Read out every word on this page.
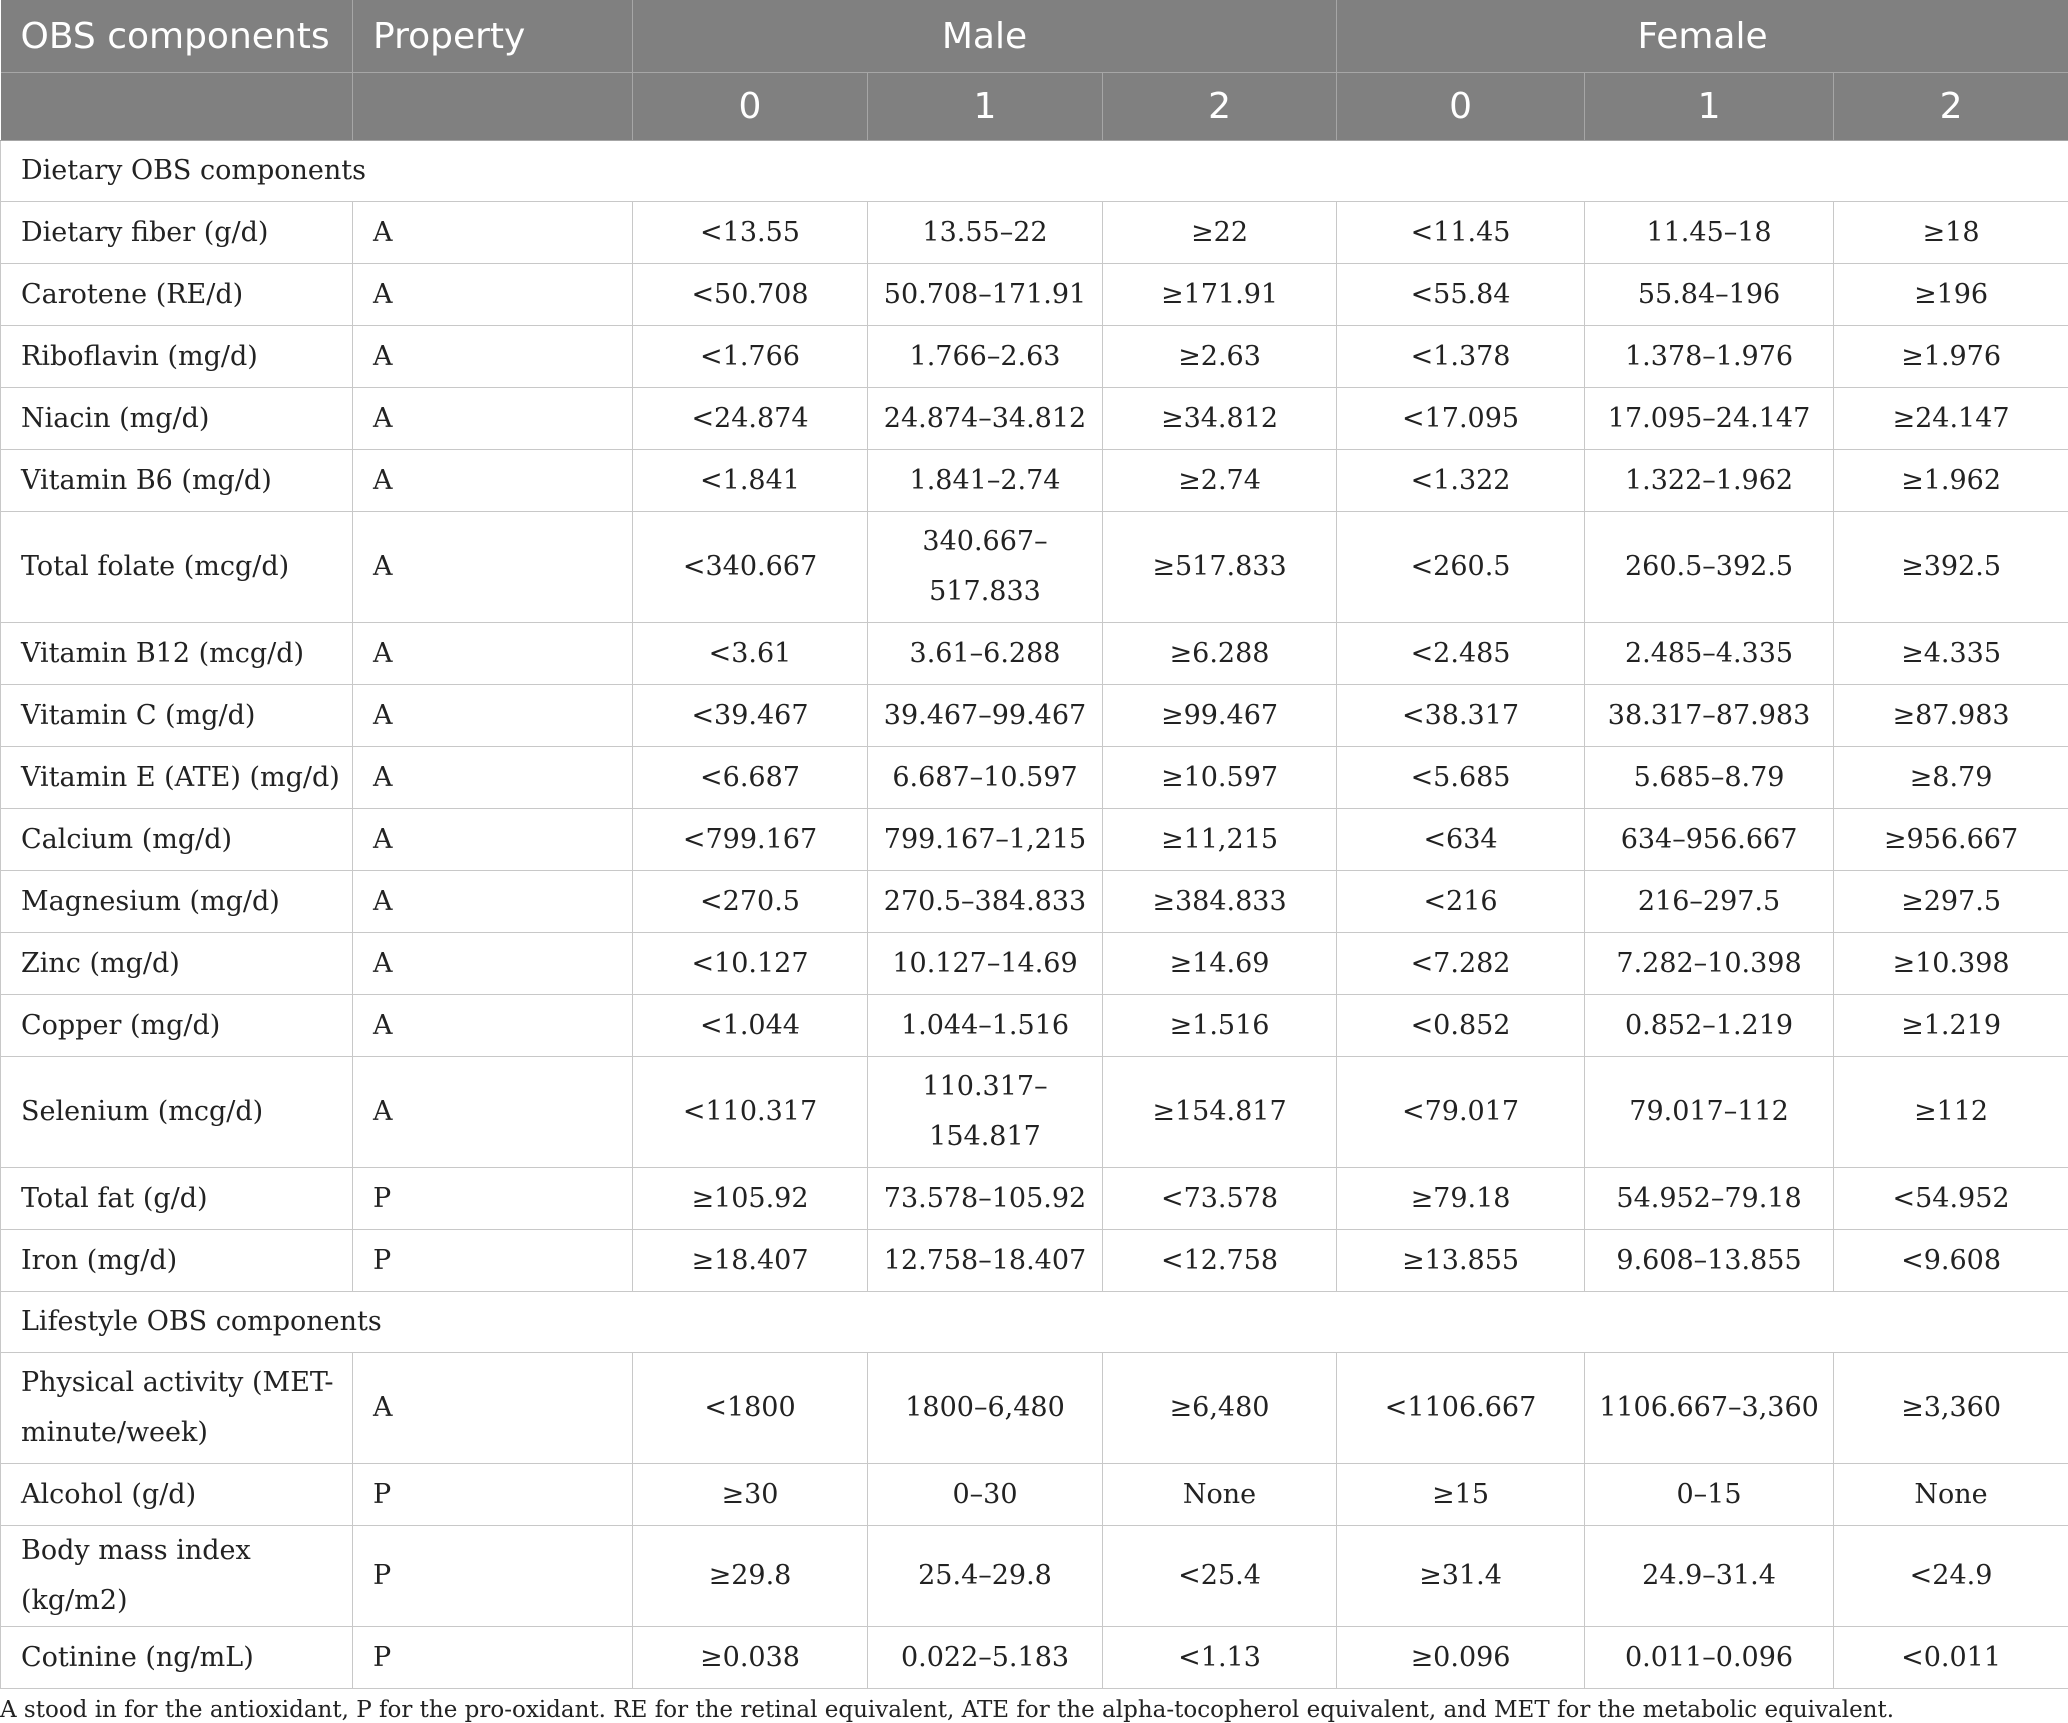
OBS components	Property	Male			Female		
		0	1	2	0	1	2
Dietary OBS components							
Dietary fiber (g/d)	A	<13.55	13.55–22	≥22	<11.45	11.45–18	≥18
Carotene (RE/d)	A	<50.708	50.708–171.91	≥171.91	<55.84	55.84–196	≥196
Riboflavin (mg/d)	A	<1.766	1.766–2.63	≥2.63	<1.378	1.378–1.976	≥1.976
Niacin (mg/d)	A	<24.874	24.874–34.812	≥34.812	<17.095	17.095–24.147	≥24.147
Vitamin B6 (mg/d)	A	<1.841	1.841–2.74	≥2.74	<1.322	1.322–1.962	≥1.962
Total folate (mcg/d)	A	<340.667	340.667–517.833	≥517.833	<260.5	260.5–392.5	≥392.5
Vitamin B12 (mcg/d)	A	<3.61	3.61–6.288	≥6.288	<2.485	2.485–4.335	≥4.335
Vitamin C (mg/d)	A	<39.467	39.467–99.467	≥99.467	<38.317	38.317–87.983	≥87.983
Vitamin E (ATE) (mg/d)	A	<6.687	6.687–10.597	≥10.597	<5.685	5.685–8.79	≥8.79
Calcium (mg/d)	A	<799.167	799.167–1,215	≥11,215	<634	634–956.667	≥956.667
Magnesium (mg/d)	A	<270.5	270.5–384.833	≥384.833	<216	216–297.5	≥297.5
Zinc (mg/d)	A	<10.127	10.127–14.69	≥14.69	<7.282	7.282–10.398	≥10.398
Copper (mg/d)	A	<1.044	1.044–1.516	≥1.516	<0.852	0.852–1.219	≥1.219
Selenium (mcg/d)	A	<110.317	110.317–154.817	≥154.817	<79.017	79.017–112	≥112
Total fat (g/d)	P	≥105.92	73.578–105.92	<73.578	≥79.18	54.952–79.18	<54.952
Iron (mg/d)	P	≥18.407	12.758–18.407	<12.758	≥13.855	9.608–13.855	<9.608
Lifestyle OBS components							
Physical activity (MET-minute/week)	A	<1800	1800–6,480	≥6,480	<1106.667	1106.667–3,360	≥3,360
Alcohol (g/d)	P	≥30	0–30	None	≥15	0–15	None
Body mass index (kg/m2)	P	≥29.8	25.4–29.8	<25.4	≥31.4	24.9–31.4	<24.9
Cotinine (ng/mL)	P	≥0.038	0.022–5.183	<1.13	≥0.096	0.011–0.096	<0.011

A stood in for the antioxidant, P for the pro-oxidant. RE for the retinal equivalent, ATE for the alpha-tocopherol equivalent, and MET for the metabolic equivalent.
